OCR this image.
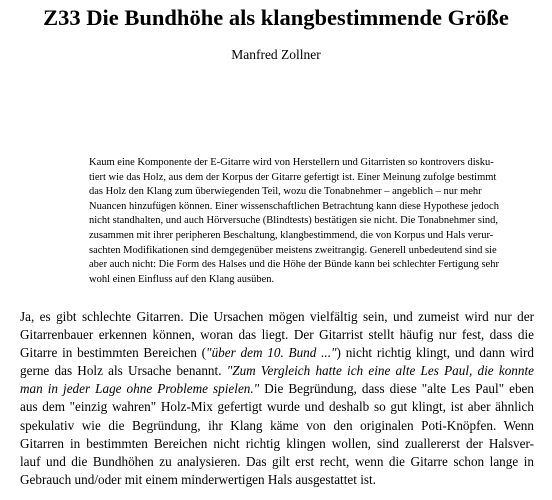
Z33 Die Bundhöhe als klangbestimmende Größe
Manfred Zollner
Kaum eine Komponente der E-Gitarre wird von Herstellern und Gitarristen so kontrovers disku-
tiert wie das Holz, aus dem der Korpus der Gitarre gefertigt ist. Einer Meinung zufolge bestimmt
das Holz den Klang zum überwiegenden Teil, wozu die Tonabnehmer – angeblich – nur mehr
Nuancen hinzufügen können. Einer wissenschaftlichen Betrachtung kann diese Hypothese jedoch
nicht standhalten, und auch Hörversuche (Blindtests) bestätigen sie nicht. Die Tonabnehmer sind,
zusammen mit ihrer peripheren Beschaltung, klangbestimmend, die von Korpus und Hals verur-
sachten Modifikationen sind demgegenüber meistens zweitrangig. Generell unbedeutend sind sie
aber auch nicht: Die Form des Halses und die Höhe der Bünde kann bei schlechter Fertigung sehr
wohl einen Einfluss auf den Klang ausüben.
Ja, es gibt schlechte Gitarren. Die Ursachen mögen vielfältig sein, und zumeist wird nur der
Gitarrenbauer erkennen können, woran das liegt. Der Gitarrist stellt häufig nur fest, dass die
Gitarre in bestimmten Bereichen ("über dem 10. Bund ...") nicht richtig klingt, und dann wird
gerne das Holz als Ursache benannt. "Zum Vergleich hatte ich eine alte Les Paul, die konnte
man in jeder Lage ohne Probleme spielen." Die Begründung, dass diese "alte Les Paul" eben
aus dem "einzig wahren" Holz-Mix gefertigt wurde und deshalb so gut klingt, ist aber ähnlich
spekulativ wie die Begründung, ihr Klang käme von den originalen Poti-Knöpfen. Wenn
Gitarren in bestimmten Bereichen nicht richtig klingen wollen, sind zuallererst der Halsver-
lauf und die Bundhöhen zu analysieren. Das gilt erst recht, wenn die Gitarre schon lange in
Gebrauch und/oder mit einem minderwertigen Hals ausgestattet ist.
